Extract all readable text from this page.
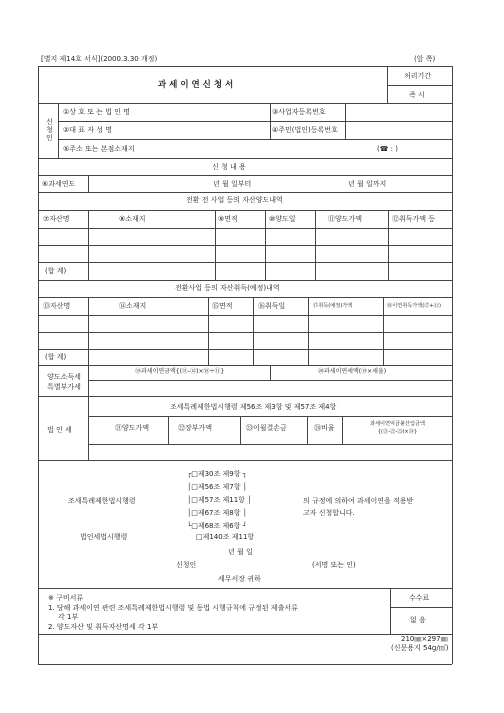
[별지 제14호 서식](2000.3.30 개정)	(앞 쪽)
과 세 이 연 신 청 서
처리기간
즉 시
신청인
①상 호 또 는 법 인 명	③사업자등록번호
②대 표 자 성 명	④주민(법인)등록번호
⑤주소 또는 본점소재지	(☎ : )
신 청 내 용
⑥과세연도	년 월 일부터	년 월 일까지
전환 전 사업 등의 자산양도내역
⑦자산명	⑧소재지	⑨면적	⑩양도일	⑪양도가액	⑫취득가액 등
(합 계)
전환사업 등의 자산취득(예정)내역
⑬자산명	⑭소재지	⑮면적	⑯취득일	⑰취득(예정)가액	⑱이연취득가액(⑰+⑪)
(합 계)
양도소득세
특별부가세
⑲과세이연금액{(⑪-⑫)×⑱÷⑪}	⑳과세이연세액(⑲×세율)
법 인 세
조세특례제한법시행령 제56조 제3항 및 제57조 제4항
㉑양도가액	㉒장부가액	㉓이월결손금	㉔비율	과세이연익금불산입금액
{(㉑-㉒-㉓)×㉔}
조세특례제한법시행령
┌□제30조 제9항 ┐
│□제56조 제7항 │
│□제57조 제11항 │
│□제67조 제8항 │
└□제68조 제6항 ┘
법인세법시행령	□제140조 제11항
의 규정에 의하여 과세이연을 적용받
고자 신청합니다.
년 월 일
신청인	(서명 또는 인)
세무서장 귀하
※ 구비서류
1. 당해 과세이연 관련 조세특례제한법시행령 및 동법 시행규칙에 규정된 제출서류
각 1부
2. 양도자산 및 취득자산명세 각 1부
수수료
없 음
210㎜×297㎜
(신문용지 54g/㎡)
